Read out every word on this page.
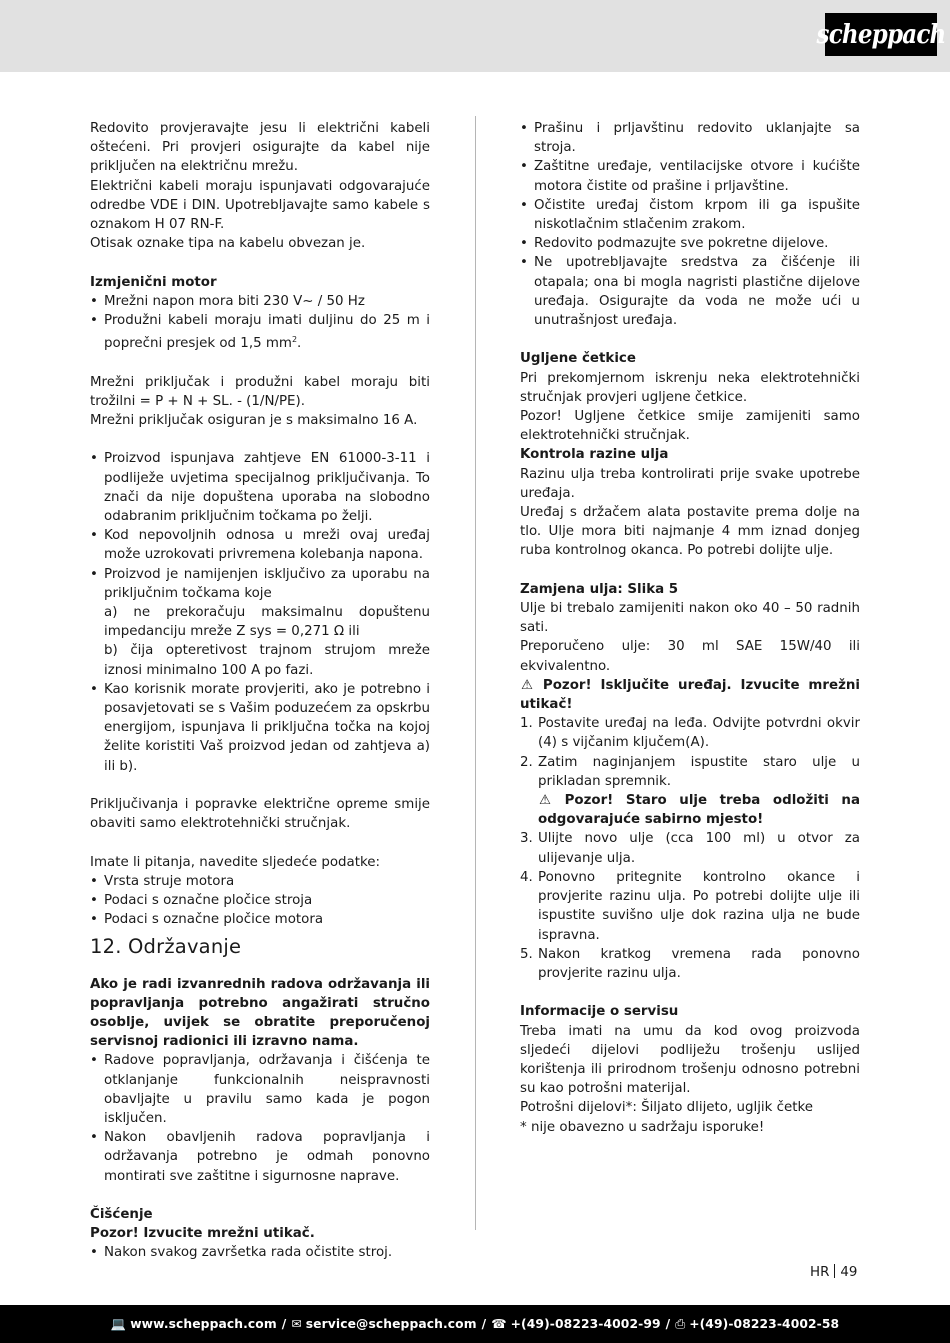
scheppach
Redovito provjeravajte jesu li električni kabeli oštećeni. Pri provjeri osigurajte da kabel nije priključen na električnu mrežu.
Električni kabeli moraju ispunjavati odgovarajuće odredbe VDE i DIN. Upotrebljavajte samo kabele s oznakom H 07 RN-F.
Otisak oznake tipa na kabelu obvezan je.
Izmjenični motor
• Mrežni napon mora biti 230 V~ / 50 Hz
• Produžni kabeli moraju imati duljinu do 25 m i poprečni presjek od 1,5 $mm^2$.
Mrežni priključak i produžni kabel moraju biti trožilni = P + N + SL. - (1/N/PE).
Mrežni priključak osiguran je s maksimalno 16 A.
• Proizvod ispunjava zahtjeve EN 61000-3-11 i podliježe uvjetima specijalnog priključivanja. To znači da nije dopuštena uporaba na slobodno odabranim priključnim točkama po želji.
• Kod nepovoljnih odnosa u mreži ovaj uređaj može uzrokovati privremena kolebanja napona.
• Proizvod je namijenjen isključivo za uporabu na priključnim točkama koje
a) ne prekoračuju maksimalnu dopuštenu impedanciju mreže Z sys = 0,271 Ω ili
b) čija opteretivost trajnom strujom mreže iznosi minimalno 100 A po fazi.
• Kao korisnik morate provjeriti, ako je potrebno i posavjetovati se s Vašim poduzećem za opskrbu energijom, ispunjava li priključna točka na kojoj želite koristiti Vaš proizvod jedan od zahtjeva a) ili b).
Priključivanja i popravke električne opreme smije obaviti samo elektrotehnički stručnjak.
Imate li pitanja, navedite sljedeće podatke:
• Vrsta struje motora
• Podaci s označne pločice stroja
• Podaci s označne pločice motora
12. Održavanje
Ako je radi izvanrednih radova održavanja ili popravljanja potrebno angažirati stručno osoblje, uvijek se obratite preporučenoj servisnoj radionici ili izravno nama.
• Radove popravljanja, održavanja i čišćenja te otklanjanje funkcionalnih neispravnosti obavljajte u pravilu samo kada je pogon isključen.
• Nakon obavljenih radova popravljanja i održavanja potrebno je odmah ponovno montirati sve zaštitne i sigurnosne naprave.
Čišćenje
Pozor! Izvucite mrežni utikač.
• Nakon svakog završetka rada očistite stroj.
• Prašinu i prljavštinu redovito uklanjajte sa stroja.
• Zaštitne uređaje, ventilacijske otvore i kućište motora čistite od prašine i prljavštine.
• Očistite uređaj čistom krpom ili ga ispušite niskotlačnim stlačenim zrakom.
• Redovito podmazujte sve pokretne dijelove.
• Ne upotrebljavajte sredstva za čišćenje ili otapala; ona bi mogla nagristi plastične dijelove uređaja. Osigurajte da voda ne može ući u unutrašnjost uređaja.
Ugljene četkice
Pri prekomjernom iskrenju neka elektrotehnički stručnjak provjeri ugljene četkice.
Pozor! Ugljene četkice smije zamijeniti samo elektrotehnički stručnjak.
Kontrola razine ulja
Razinu ulja treba kontrolirati prije svake upotrebe uređaja.
Uređaj s držačem alata postavite prema dolje na tlo. Ulje mora biti najmanje 4 mm iznad donjeg ruba kontrolnog okanca. Po potrebi dolijte ulje.
Zamjena ulja: Slika 5
Ulje bi trebalo zamijeniti nakon oko 40 – 50 radnih sati.
Preporučeno ulje: 30 ml SAE 15W/40 ili ekvivalentno.
⚠ Pozor! Isključite uređaj. Izvucite mrežni utikač!
1. Postavite uređaj na leđa. Odvijte potvrdni okvir (4) s vijčanim ključem(A).
2. Zatim naginjanjem ispustite staro ulje u prikladan spremnik.
⚠ Pozor! Staro ulje treba odložiti na odgovarajuće sabirno mjesto!
3. Ulijte novo ulje (cca 100 ml) u otvor za ulijevanje ulja.
4. Ponovno pritegnite kontrolno okance i provjerite razinu ulja. Po potrebi dolijte ulje ili ispustite suvišno ulje dok razina ulja ne bude ispravna.
5. Nakon kratkog vremena rada ponovno provjerite razinu ulja.
Informacije o servisu
Treba imati na umu da kod ovog proizvoda sljedeći dijelovi podliježu trošenju uslijed korištenja ili prirodnom trošenju odnosno potrebni su kao potrošni materijal.
Potrošni dijelovi*: Šiljato dlijeto, ugljik četke
* nije obavezno u sadržaju isporuke!
HR 49
💻 www.scheppach.com / ✉ service@scheppach.com / ☎ +(49)-08223-4002-99 / ⎙ +(49)-08223-4002-58
